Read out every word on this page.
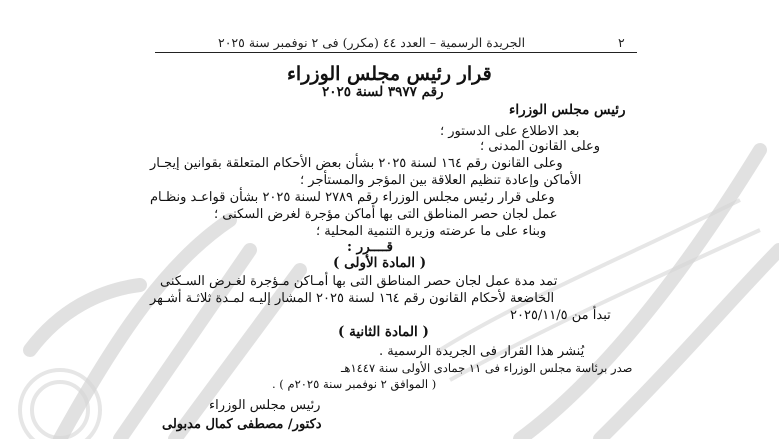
٢
الجريدة الرسمية – العدد ٤٤ (مكرر) فى ٢ نوفمبر سنة ٢٠٢٥
قرار رئيس مجلس الوزراء
رقم ٣٩٧٧ لسنة ٢٠٢٥
رئيس مجلس الوزراء
بعد الاطلاع على الدستور ؛
وعلى القانون المدنى ؛
وعلى القانون رقم ١٦٤ لسنة ٢٠٢٥ بشأن بعض الأحكام المتعلقة بقوانين إيجـار
الأماكن وإعادة تنظيم العلاقة بين المؤجر والمستأجر ؛
وعلى قرار رئيس مجلس الوزراء رقم ٢٧٨٩ لسنة ٢٠٢٥ بشأن قواعـد ونظـام
عمل لجان حصر المناطق التى بها أماكن مؤجرة لغرض السكنى ؛
وبناء على ما عرضته وزيرة التنمية المحلية ؛
قــــرر :
( المادة الأولى )
تمد مدة عمل لجان حصر المناطق التى بها أمـاكن مـؤجرة لغـرض السـكنى
الخاضعة لأحكام القانون رقم ١٦٤ لسنة ٢٠٢٥ المشار إليـه لمـدة ثلاثـة أشـهر
تبدأ من ٢٠٢٥/١١/٥
( المادة الثانية )
يُنشر هذا القرار فى الجريدة الرسمية .
صدر برئاسة مجلس الوزراء فى ١١ جمادى الأولى سنة ١٤٤٧هـ
( الموافق ٢ نوفمبر سنة ٢٠٢٥م ) .
رئيس مجلس الوزراء
دكتور/ مصطفى كمال مدبولى
